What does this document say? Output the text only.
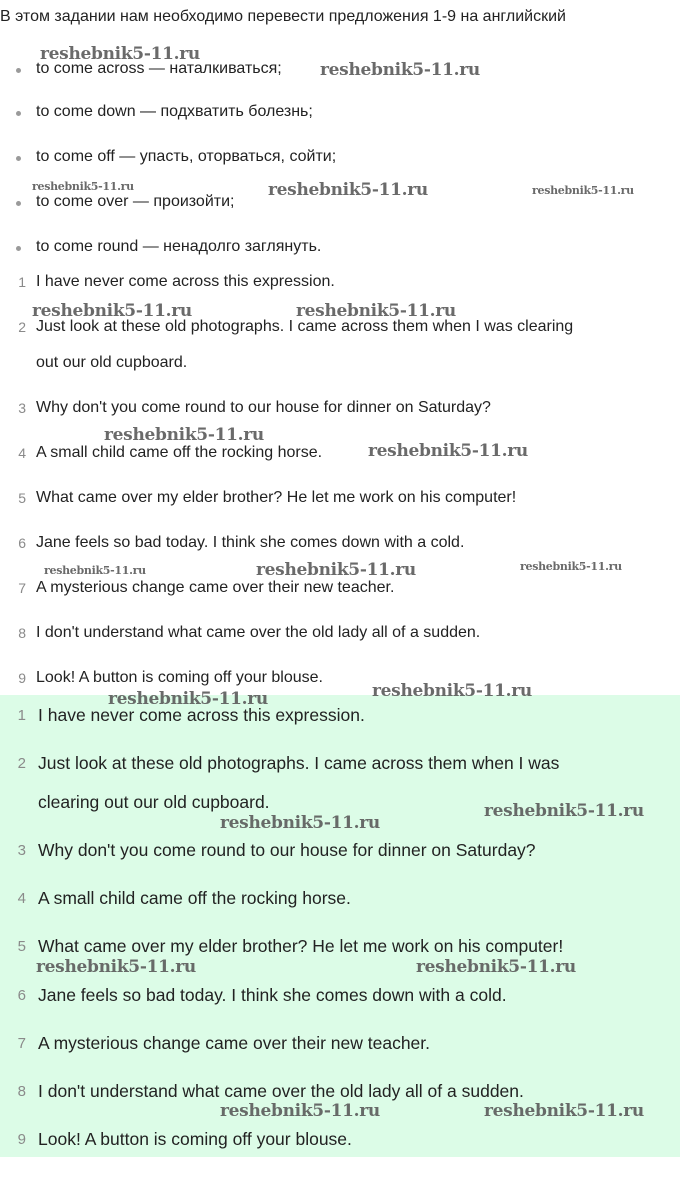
В этом задании нам необходимо перевести предложения 1-9 на английский
to come across — наталкиваться;
to come down — подхватить болезнь;
to come off — упасть, оторваться, сойти;
to come over — произойти;
to come round — ненадолго заглянуть.
1 I have never come across this expression.
2 Just look at these old photographs. I came across them when I was clearing
out our old cupboard.
3 Why don't you come round to our house for dinner on Saturday?
4 A small child came off the rocking horse.
5 What came over my elder brother? He let me work on his computer!
6 Jane feels so bad today. I think she comes down with a cold.
7 A mysterious change came over their new teacher.
8 I don't understand what came over the old lady all of a sudden.
9 Look! A button is coming off your blouse.
1 I have never come across this expression.
2 Just look at these old photographs. I came across them when I was
clearing out our old cupboard.
3 Why don't you come round to our house for dinner on Saturday?
4 A small child came off the rocking horse.
5 What came over my elder brother? He let me work on his computer!
6 Jane feels so bad today. I think she comes down with a cold.
7 A mysterious change came over their new teacher.
8 I don't understand what came over the old lady all of a sudden.
9 Look! A button is coming off your blouse.
reshebnik5-11.ru
reshebnik5-11.ru
reshebnik5-11.ru	reshebnik5-11.ru	reshebnik5-11.ru
reshebnik5-11.ru	reshebnik5-11.ru
reshebnik5-11.ru
reshebnik5-11.ru
reshebnik5-11.ru	reshebnik5-11.ru	reshebnik5-11.ru
reshebnik5-11.ru
reshebnik5-11.ru
reshebnik5-11.ru
reshebnik5-11.ru
reshebnik5-11.ru	reshebnik5-11.ru
reshebnik5-11.ru	reshebnik5-11.ru
